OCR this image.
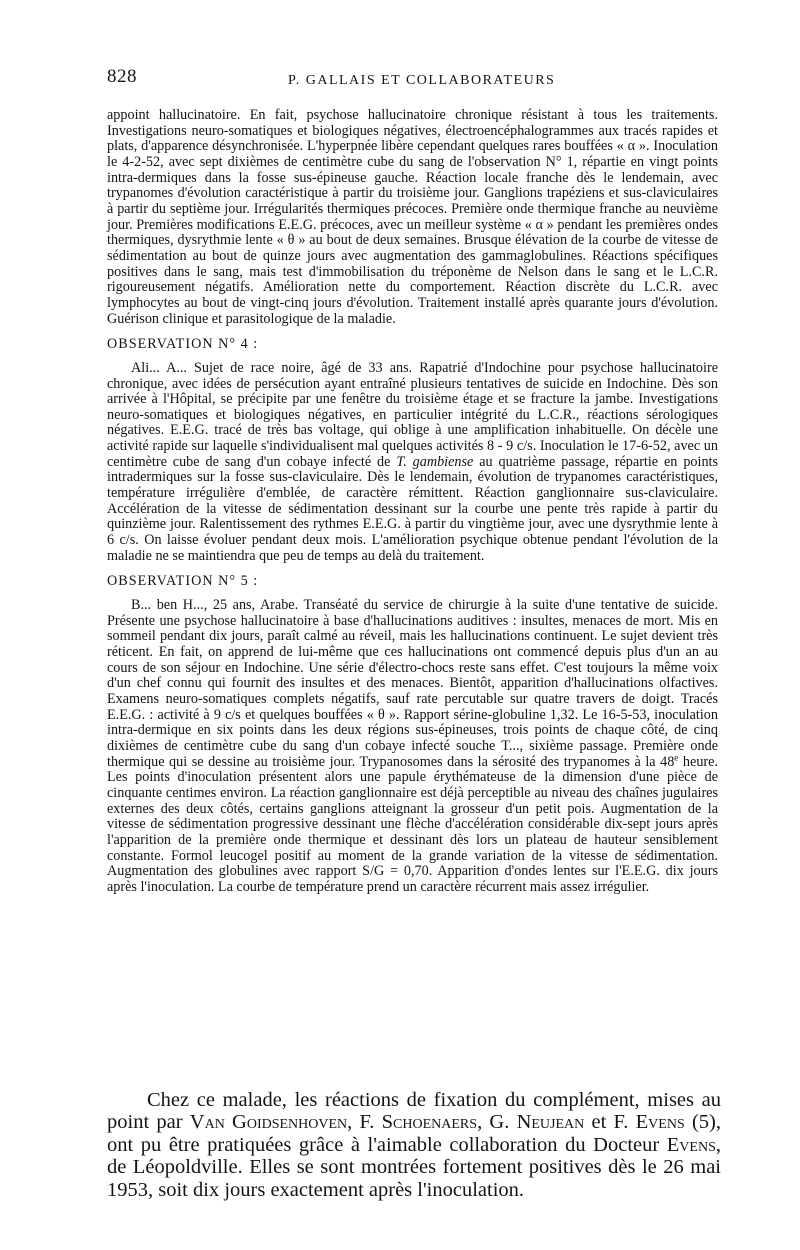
828	P. GALLAIS ET COLLABORATEURS

appoint hallucinatoire. En fait, psychose hallucinatoire chronique résistant à tous les traitements. Investigations neuro-somatiques et biologiques négatives, électroencéphalogrammes aux tracés rapides et plats, d'apparence désynchronisée. L'hyperpnée libère cependant quelques rares bouffées « α ». Inoculation le 4-2-52, avec sept dixièmes de centimètre cube du sang de l'observation N° 1, répartie en vingt points intra-dermiques dans la fosse sus-épineuse gauche. Réaction locale franche dès le lendemain, avec trypanomes d'évolution caractéristique à partir du troisième jour. Ganglions trapéziens et sus-claviculaires à partir du septième jour. Irrégularités thermiques précoces. Première onde thermique franche au neuvième jour. Premières modifications E.E.G. précoces, avec un meilleur système « α » pendant les premières ondes thermiques, dysrythmie lente « θ » au bout de deux semaines. Brusque élévation de la courbe de vitesse de sédimentation au bout de quinze jours avec augmentation des gammaglobulines. Réactions spécifiques positives dans le sang, mais test d'immobilisation du tréponème de Nelson dans le sang et le L.C.R. rigoureusement négatifs. Amélioration nette du comportement. Réaction discrète du L.C.R. avec lymphocytes au bout de vingt-cinq jours d'évolution. Traitement installé après quarante jours d'évolution. Guérison clinique et parasitologique de la maladie.

OBSERVATION N° 4 :

Ali... A... Sujet de race noire, âgé de 33 ans. Rapatrié d'Indochine pour psychose hallucinatoire chronique, avec idées de persécution ayant entraîné plusieurs tentatives de suicide en Indochine. Dès son arrivée à l'Hôpital, se précipite par une fenêtre du troisième étage et se fracture la jambe. Investigations neuro-somatiques et biologiques négatives, en particulier intégrité du L.C.R., réactions sérologiques négatives. E.E.G. tracé de très bas voltage, qui oblige à une amplification inhabituelle. On décèle une activité rapide sur laquelle s'individualisent mal quelques activités 8 - 9 c/s. Inoculation le 17-6-52, avec un centimètre cube de sang d'un cobaye infecté de T. gambiense au quatrième passage, répartie en points intradermiques sur la fosse sus-claviculaire. Dès le lendemain, évolution de trypanomes caractéristiques, température irrégulière d'emblée, de caractère rémittent. Réaction ganglionnaire sus-claviculaire. Accélération de la vitesse de sédimentation dessinant sur la courbe une pente très rapide à partir du quinzième jour. Ralentissement des rythmes E.E.G. à partir du vingtième jour, avec une dysrythmie lente à 6 c/s. On laisse évoluer pendant deux mois. L'amélioration psychique obtenue pendant l'évolution de la maladie ne se maintiendra que peu de temps au delà du traitement.

OBSERVATION N° 5 :

B... ben H..., 25 ans, Arabe. Transéaté du service de chirurgie à la suite d'une tentative de suicide. Présente une psychose hallucinatoire à base d'hallucinations auditives : insultes, menaces de mort. Mis en sommeil pendant dix jours, paraît calmé au réveil, mais les hallucinations continuent. Le sujet devient très réticent. En fait, on apprend de lui-même que ces hallucinations ont commencé depuis plus d'un an au cours de son séjour en Indochine. Une série d'électro-chocs reste sans effet. C'est toujours la même voix d'un chef connu qui fournit des insultes et des menaces. Bientôt, apparition d'hallucinations olfactives. Examens neuro-somatiques complets négatifs, sauf rate percutable sur quatre travers de doigt. Tracés E.E.G. : activité à 9 c/s et quelques bouffées « θ ». Rapport sérine-globuline 1,32. Le 16-5-53, inoculation intra-dermique en six points dans les deux régions sus-épineuses, trois points de chaque côté, de cinq dixièmes de centimètre cube du sang d'un cobaye infecté souche T..., sixième passage. Première onde thermique qui se dessine au troisième jour. Trypanosomes dans la sérosité des trypanomes à la 48e heure. Les points d'inoculation présentent alors une papule érythémateuse de la dimension d'une pièce de cinquante centimes environ. La réaction ganglionnaire est déjà perceptible au niveau des chaînes jugulaires externes des deux côtés, certains ganglions atteignant la grosseur d'un petit pois. Augmentation de la vitesse de sédimentation progressive dessinant une flèche d'accélération considérable dix-sept jours après l'apparition de la première onde thermique et dessinant dès lors un plateau de hauteur sensiblement constante. Formol leucogel positif au moment de la grande variation de la vitesse de sédimentation. Augmentation des globulines avec rapport S/G = 0,70. Apparition d'ondes lentes sur l'E.E.G. dix jours après l'inoculation. La courbe de température prend un caractère récurrent mais assez irrégulier.

Chez ce malade, les réactions de fixation du complément, mises au point par Van Goidsenhoven, F. Schoenaers, G. Neujean et F. Evens (5), ont pu être pratiquées grâce à l'aimable collaboration du Docteur Evens, de Léopoldville. Elles se sont montrées fortement positives dès le 26 mai 1953, soit dix jours exactement après l'inoculation.
